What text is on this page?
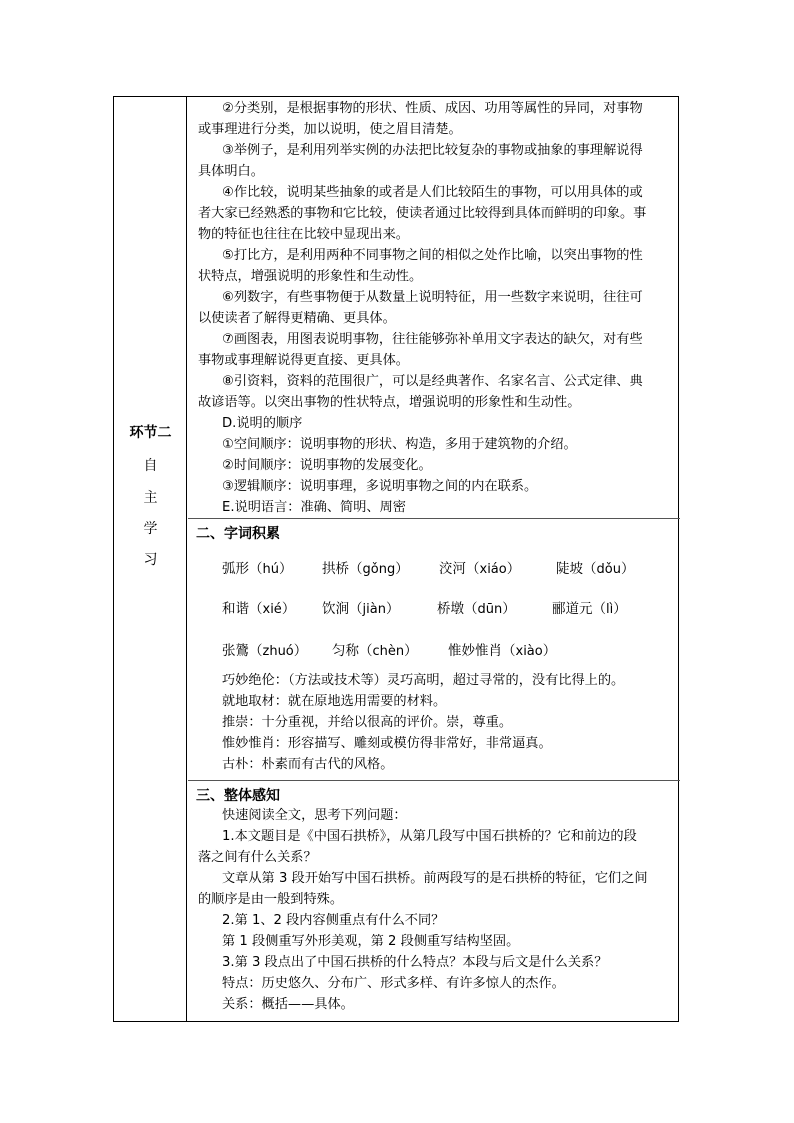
环节二
自
主
学
习
②分类别，是根据事物的形状、性质、成因、功用等属性的异同，对事物
或事理进行分类，加以说明，使之眉目清楚。
③举例子，是利用列举实例的办法把比较复杂的事物或抽象的事理解说得
具体明白。
④作比较，说明某些抽象的或者是人们比较陌生的事物，可以用具体的或
者大家已经熟悉的事物和它比较，使读者通过比较得到具体而鲜明的印象。事
物的特征也往往在比较中显现出来。
⑤打比方，是利用两种不同事物之间的相似之处作比喻，以突出事物的性
状特点，增强说明的形象性和生动性。
⑥列数字，有些事物便于从数量上说明特征，用一些数字来说明，往往可
以使读者了解得更精确、更具体。
⑦画图表，用图表说明事物，往往能够弥补单用文字表达的缺欠，对有些
事物或事理解说得更直接、更具体。
⑧引资料，资料的范围很广，可以是经典著作、名家名言、公式定律、典
故谚语等。以突出事物的性状特点，增强说明的形象性和生动性。
D.说明的顺序
①空间顺序：说明事物的形状、构造，多用于建筑物的介绍。
②时间顺序：说明事物的发展变化。
③逻辑顺序：说明事理，多说明事物之间的内在联系。
E.说明语言：准确、简明、周密
二、字词积累
弧形（hú） 拱桥（gǒng） 洨河（xiáo）	陡坡（dǒu）
和谐（xié） 饮涧（jiàn）	桥墩（dūn）	郦道元（lì）
张鷟（zhuó） 匀称（chèn） 惟妙惟肖（xiào）
巧妙绝伦：（方法或技术等）灵巧高明，超过寻常的，没有比得上的。
就地取材：就在原地选用需要的材料。
推崇：十分重视，并给以很高的评价。崇，尊重。
惟妙惟肖：形容描写、雕刻或模仿得非常好，非常逼真。
古朴：朴素而有古代的风格。
三、整体感知
快速阅读全文，思考下列问题：
1.本文题目是《中国石拱桥》，从第几段写中国石拱桥的？它和前边的段
落之间有什么关系？
文章从第 3 段开始写中国石拱桥。前两段写的是石拱桥的特征，它们之间
的顺序是由一般到特殊。
2.第 1、2 段内容侧重点有什么不同？
第 1 段侧重写外形美观，第 2 段侧重写结构坚固。
3.第 3 段点出了中国石拱桥的什么特点？本段与后文是什么关系？
特点：历史悠久、分布广、形式多样、有许多惊人的杰作。
关系：概括——具体。
